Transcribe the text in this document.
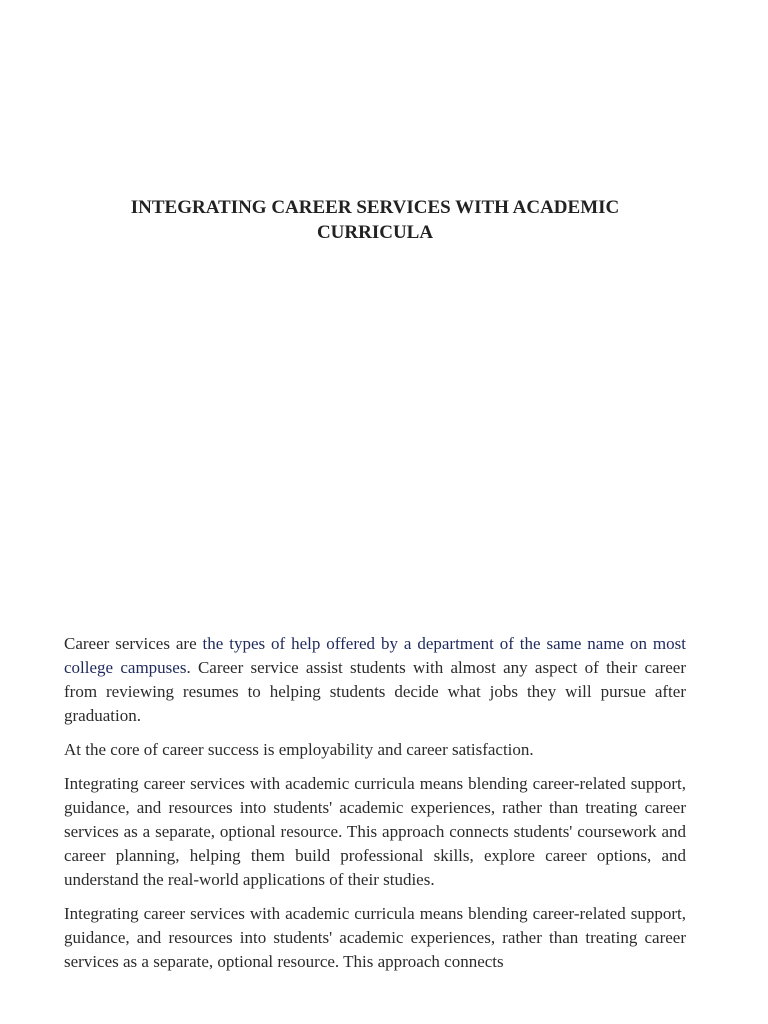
INTEGRATING CAREER SERVICES WITH ACADEMIC
CURRICULA

Career services are the types of help offered by a department of the same name on most college campuses. Career service assist students with almost any aspect of their career from reviewing resumes to helping students decide what jobs they will pursue after graduation.

At the core of career success is employability and career satisfaction.

Integrating career services with academic curricula means blending career-related support, guidance, and resources into students' academic experiences, rather than treating career services as a separate, optional resource. This approach connects students' coursework and career planning, helping them build professional skills, explore career options, and understand the real-world applications of their studies.

Integrating career services with academic curricula means blending career-related support, guidance, and resources into students' academic experiences, rather than treating career services as a separate, optional resource. This approach connects
